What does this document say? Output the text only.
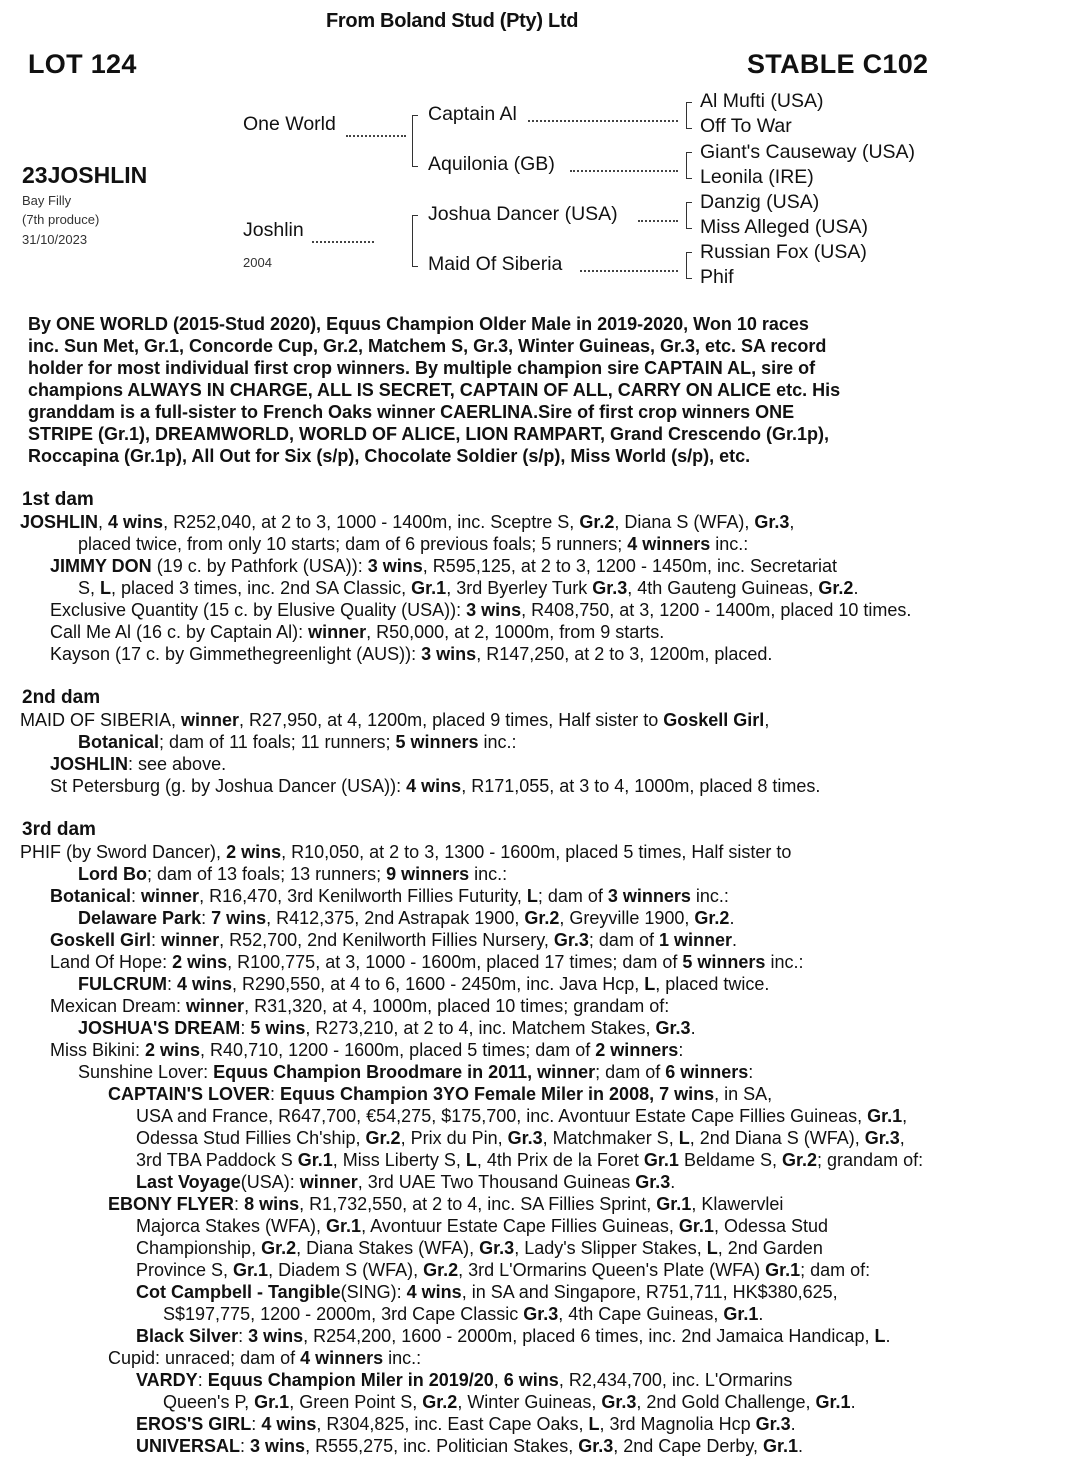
From Boland Stud (Pty) Ltd
LOT 124	STABLE C102
23JOSHLIN
Bay Filly
(7th produce)
31/10/2023
One World
Joshlin
2004
Captain Al
Aquilonia (GB)
Joshua Dancer (USA)
Maid Of Siberia
Al Mufti (USA)
Off To War
Giant's Causeway (USA)
Leonila (IRE)
Danzig (USA)
Miss Alleged (USA)
Russian Fox (USA)
Phif
By ONE WORLD (2015-Stud 2020), Equus Champion Older Male in 2019-2020, Won 10 races
inc. Sun Met, Gr.1, Concorde Cup, Gr.2, Matchem S, Gr.3, Winter Guineas, Gr.3, etc. SA record
holder for most individual first crop winners. By multiple champion sire CAPTAIN AL, sire of
champions ALWAYS IN CHARGE, ALL IS SECRET, CAPTAIN OF ALL, CARRY ON ALICE etc. His
granddam is a full-sister to French Oaks winner CAERLINA.Sire of first crop winners ONE
STRIPE (Gr.1), DREAMWORLD, WORLD OF ALICE, LION RAMPART, Grand Crescendo (Gr.1p),
Roccapina (Gr.1p), All Out for Six (s/p), Chocolate Soldier (s/p), Miss World (s/p), etc.
1st dam
JOSHLIN, 4 wins, R252,040, at 2 to 3, 1000 - 1400m, inc. Sceptre S, Gr.2, Diana S (WFA), Gr.3,
placed twice, from only 10 starts; dam of 6 previous foals; 5 runners; 4 winners inc.:
JIMMY DON (19 c. by Pathfork (USA)): 3 wins, R595,125, at 2 to 3, 1200 - 1450m, inc. Secretariat
S, L, placed 3 times, inc. 2nd SA Classic, Gr.1, 3rd Byerley Turk Gr.3, 4th Gauteng Guineas, Gr.2.
Exclusive Quantity (15 c. by Elusive Quality (USA)): 3 wins, R408,750, at 3, 1200 - 1400m, placed 10 times.
Call Me Al (16 c. by Captain Al): winner, R50,000, at 2, 1000m, from 9 starts.
Kayson (17 c. by Gimmethegreenlight (AUS)): 3 wins, R147,250, at 2 to 3, 1200m, placed.
2nd dam
MAID OF SIBERIA, winner, R27,950, at 4, 1200m, placed 9 times, Half sister to Goskell Girl,
Botanical; dam of 11 foals; 11 runners; 5 winners inc.:
JOSHLIN: see above.
St Petersburg (g. by Joshua Dancer (USA)): 4 wins, R171,055, at 3 to 4, 1000m, placed 8 times.
3rd dam
PHIF (by Sword Dancer), 2 wins, R10,050, at 2 to 3, 1300 - 1600m, placed 5 times, Half sister to
Lord Bo; dam of 13 foals; 13 runners; 9 winners inc.:
Botanical: winner, R16,470, 3rd Kenilworth Fillies Futurity, L; dam of 3 winners inc.:
Delaware Park: 7 wins, R412,375, 2nd Astrapak 1900, Gr.2, Greyville 1900, Gr.2.
Goskell Girl: winner, R52,700, 2nd Kenilworth Fillies Nursery, Gr.3; dam of 1 winner.
Land Of Hope: 2 wins, R100,775, at 3, 1000 - 1600m, placed 17 times; dam of 5 winners inc.:
FULCRUM: 4 wins, R290,550, at 4 to 6, 1600 - 2450m, inc. Java Hcp, L, placed twice.
Mexican Dream: winner, R31,320, at 4, 1000m, placed 10 times; grandam of:
JOSHUA'S DREAM: 5 wins, R273,210, at 2 to 4, inc. Matchem Stakes, Gr.3.
Miss Bikini: 2 wins, R40,710, 1200 - 1600m, placed 5 times; dam of 2 winners:
Sunshine Lover: Equus Champion Broodmare in 2011, winner; dam of 6 winners:
CAPTAIN'S LOVER: Equus Champion 3YO Female Miler in 2008, 7 wins, in SA,
USA and France, R647,700, €54,275, $175,700, inc. Avontuur Estate Cape Fillies Guineas, Gr.1,
Odessa Stud Fillies Ch'ship, Gr.2, Prix du Pin, Gr.3, Matchmaker S, L, 2nd Diana S (WFA), Gr.3,
3rd TBA Paddock S Gr.1, Miss Liberty S, L, 4th Prix de la Foret Gr.1 Beldame S, Gr.2; grandam of:
Last Voyage(USA): winner, 3rd UAE Two Thousand Guineas Gr.3.
EBONY FLYER: 8 wins, R1,732,550, at 2 to 4, inc. SA Fillies Sprint, Gr.1, Klawervlei
Majorca Stakes (WFA), Gr.1, Avontuur Estate Cape Fillies Guineas, Gr.1, Odessa Stud
Championship, Gr.2, Diana Stakes (WFA), Gr.3, Lady's Slipper Stakes, L, 2nd Garden
Province S, Gr.1, Diadem S (WFA), Gr.2, 3rd L'Ormarins Queen's Plate (WFA) Gr.1; dam of:
Cot Campbell - Tangible(SING): 4 wins, in SA and Singapore, R751,711, HK$380,625,
S$197,775, 1200 - 2000m, 3rd Cape Classic Gr.3, 4th Cape Guineas, Gr.1.
Black Silver: 3 wins, R254,200, 1600 - 2000m, placed 6 times, inc. 2nd Jamaica Handicap, L.
Cupid: unraced; dam of 4 winners inc.:
VARDY: Equus Champion Miler in 2019/20, 6 wins, R2,434,700, inc. L'Ormarins
Queen's P, Gr.1, Green Point S, Gr.2, Winter Guineas, Gr.3, 2nd Gold Challenge, Gr.1.
EROS'S GIRL: 4 wins, R304,825, inc. East Cape Oaks, L, 3rd Magnolia Hcp Gr.3.
UNIVERSAL: 3 wins, R555,275, inc. Politician Stakes, Gr.3, 2nd Cape Derby, Gr.1.
